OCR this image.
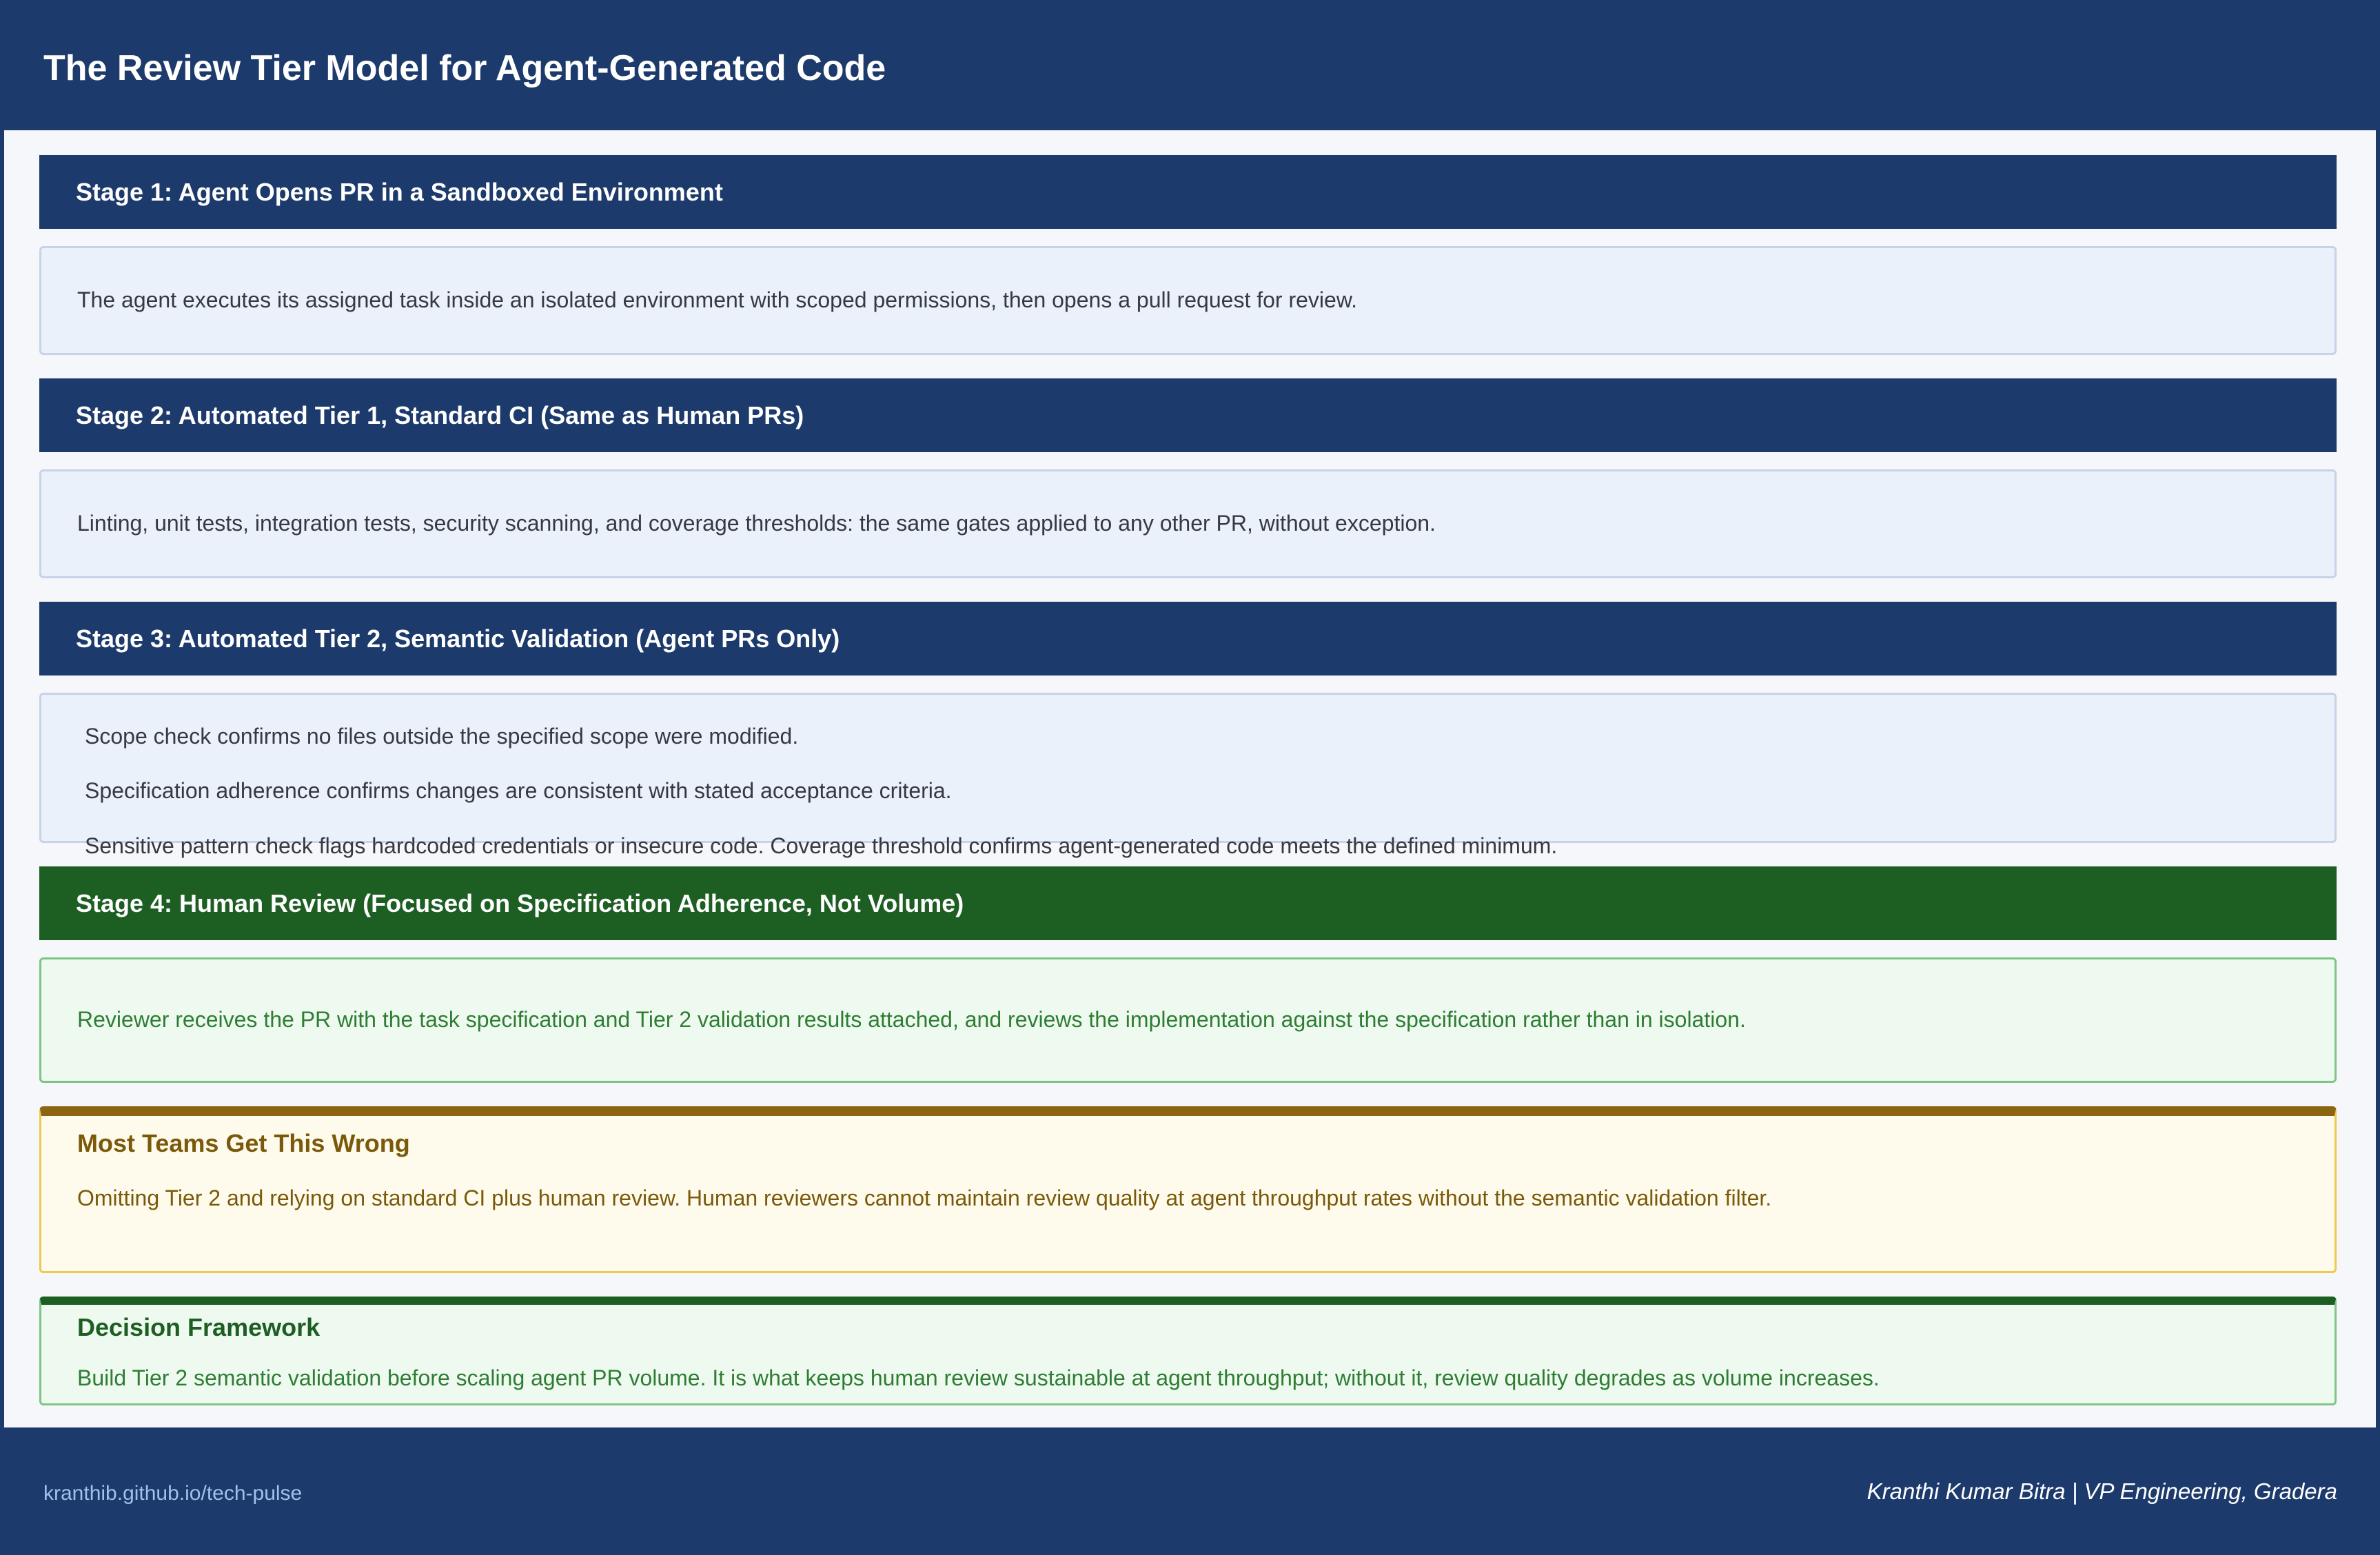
The Review Tier Model for Agent-Generated Code
Stage 1: Agent Opens PR in a Sandboxed Environment
The agent executes its assigned task inside an isolated environment with scoped permissions, then opens a pull request for review.
Stage 2: Automated Tier 1, Standard CI (Same as Human PRs)
Linting, unit tests, integration tests, security scanning, and coverage thresholds: the same gates applied to any other PR, without exception.
Stage 3: Automated Tier 2, Semantic Validation (Agent PRs Only)
Scope check confirms no files outside the specified scope were modified.
Specification adherence confirms changes are consistent with stated acceptance criteria.
Sensitive pattern check flags hardcoded credentials or insecure code. Coverage threshold confirms agent-generated code meets the defined minimum.
Stage 4: Human Review (Focused on Specification Adherence, Not Volume)
Reviewer receives the PR with the task specification and Tier 2 validation results attached, and reviews the implementation against the specification rather than in isolation.
Most Teams Get This Wrong
Omitting Tier 2 and relying on standard CI plus human review. Human reviewers cannot maintain review quality at agent throughput rates without the semantic validation filter.
Decision Framework
Build Tier 2 semantic validation before scaling agent PR volume. It is what keeps human review sustainable at agent throughput; without it, review quality degrades as volume increases.
kranthib.github.io/tech-pulse	Kranthi Kumar Bitra | VP Engineering, Gradera
